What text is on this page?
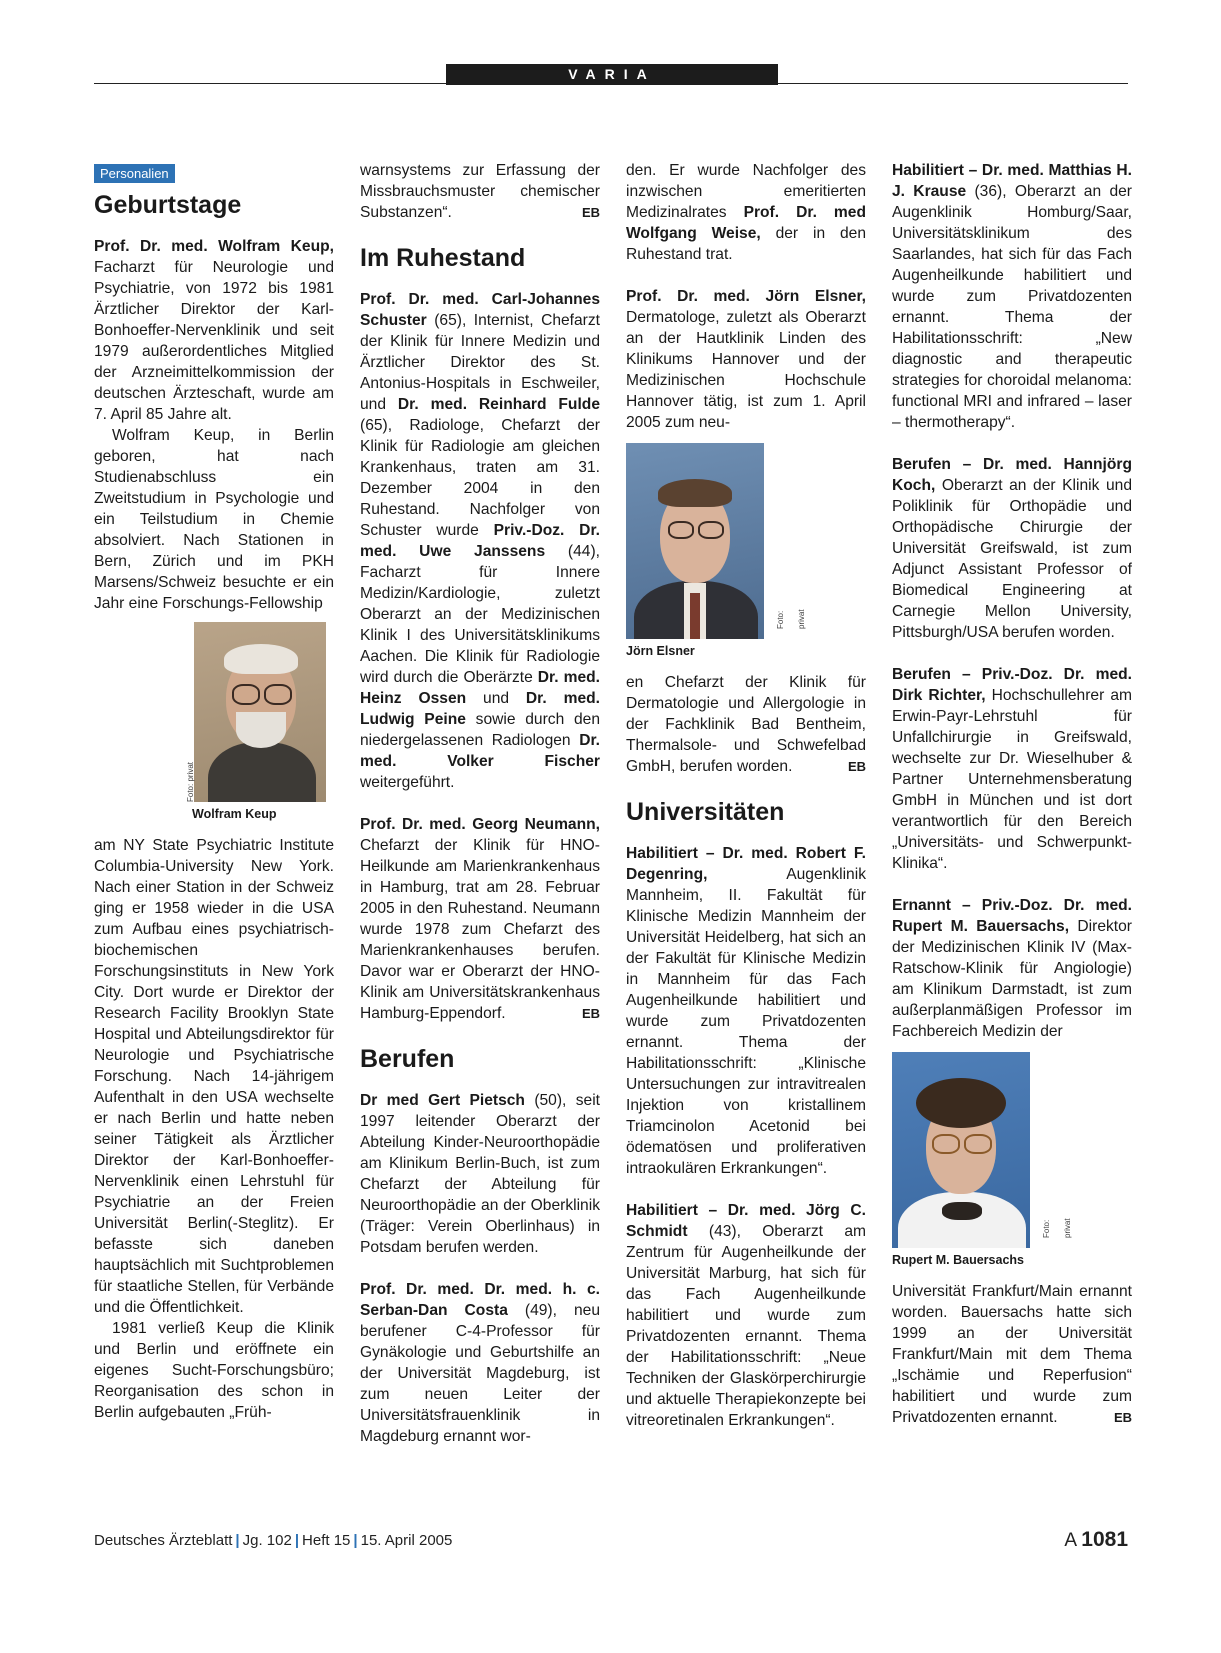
VARIA
Personalien
Geburtstage

Prof. Dr. med. Wolfram Keup, Facharzt für Neurologie und Psychiatrie, von 1972 bis 1981 Ärztlicher Direktor der Karl-Bonhoeffer-Nervenklinik und seit 1979 außerordentliches Mitglied der Arzneimittelkommission der deutschen Ärzteschaft, wurde am 7. April 85 Jahre alt.

Wolfram Keup, in Berlin geboren, hat nach Studienabschluss ein Zweitstudium in Psychologie und ein Teilstudium in Chemie absolviert. Nach Stationen in Bern, Zürich und im PKH Marsens/Schweiz besuchte er ein Jahr eine Forschungs-Fellowship

Foto: privat
Wolfram Keup

am NY State Psychiatric Institute Columbia-University New York. Nach einer Station in der Schweiz ging er 1958 wieder in die USA zum Aufbau eines psychiatrisch-biochemischen Forschungsinstituts in New York City. Dort wurde er Direktor der Research Facility Brooklyn State Hospital und Abteilungsdirektor für Neurologie und Psychiatrische Forschung. Nach 14-jährigem Aufenthalt in den USA wechselte er nach Berlin und hatte neben seiner Tätigkeit als Ärztlicher Direktor der Karl-Bonhoeffer-Nervenklinik einen Lehrstuhl für Psychiatrie an der Freien Universität Berlin(-Steglitz). Er befasste sich daneben hauptsächlich mit Suchtproblemen für staatliche Stellen, für Verbände und die Öffentlichkeit.

1981 verließ Keup die Klinik und Berlin und eröffnete ein eigenes Sucht-Forschungsbüro; Reorganisation des schon in Berlin aufgebauten „Früh-

warnsystems zur Erfassung der Missbrauchsmuster chemischer Substanzen“.	EB

Im Ruhestand

Prof. Dr. med. Carl-Johannes Schuster (65), Internist, Chefarzt der Klinik für Innere Medizin und Ärztlicher Direktor des St. Antonius-Hospitals in Eschweiler, und Dr. med. Reinhard Fulde (65), Radiologe, Chefarzt der Klinik für Radiologie am gleichen Krankenhaus, traten am 31. Dezember 2004 in den Ruhestand. Nachfolger von Schuster wurde Priv.-Doz. Dr. med. Uwe Janssens (44), Facharzt für Innere Medizin/Kardiologie, zuletzt Oberarzt an der Medizinischen Klinik I des Universitätsklinikums Aachen. Die Klinik für Radiologie wird durch die Oberärzte Dr. med. Heinz Ossen und Dr. med. Ludwig Peine sowie durch den niedergelassenen Radiologen Dr. med. Volker Fischer weitergeführt.

Prof. Dr. med. Georg Neumann, Chefarzt der Klinik für HNO-Heilkunde am Marienkrankenhaus in Hamburg, trat am 28. Februar 2005 in den Ruhestand. Neumann wurde 1978 zum Chefarzt des Marienkrankenhauses berufen. Davor war er Oberarzt der HNO-Klinik am Universitätskrankenhaus Hamburg-Eppendorf.	EB

Berufen

Dr med Gert Pietsch (50), seit 1997 leitender Oberarzt der Abteilung Kinder-Neuroorthopädie am Klinikum Berlin-Buch, ist zum Chefarzt der Abteilung für Neuroorthopädie an der Oberklinik (Träger: Verein Oberlinhaus) in Potsdam berufen werden.

Prof. Dr. med. Dr. med. h. c. Serban-Dan Costa (49), neu berufener C-4-Professor für Gynäkologie und Geburtshilfe an der Universität Magdeburg, ist zum neuen Leiter der Universitätsfrauenklinik in Magdeburg ernannt wor-

den. Er wurde Nachfolger des inzwischen emeritierten Medizinalrates Prof. Dr. med Wolfgang Weise, der in den Ruhestand trat.

Prof. Dr. med. Jörn Elsner, Dermatologe, zuletzt als Oberarzt an der Hautklinik Linden des Klinikums Hannover und der Medizinischen Hochschule Hannover tätig, ist zum 1. April 2005 zum neu-

Foto: privat
Jörn Elsner

en Chefarzt der Klinik für Dermatologie und Allergologie in der Fachklinik Bad Bentheim, Thermalsole- und Schwefelbad GmbH, berufen worden.	EB

Universitäten

Habilitiert – Dr. med. Robert F. Degenring, Augenklinik Mannheim, II. Fakultät für Klinische Medizin Mannheim der Universität Heidelberg, hat sich an der Fakultät für Klinische Medizin in Mannheim für das Fach Augenheilkunde habilitiert und wurde zum Privatdozenten ernannt. Thema der Habilitationsschrift: „Klinische Untersuchungen zur intravitrealen Injektion von kristallinem Triamcinolon Acetonid bei ödematösen und proliferativen intraokulären Erkrankungen“.

Habilitiert – Dr. med. Jörg C. Schmidt (43), Oberarzt am Zentrum für Augenheilkunde der Universität Marburg, hat sich für das Fach Augenheilkunde habilitiert und wurde zum Privatdozenten ernannt. Thema der Habilitationsschrift: „Neue Techniken der Glaskörperchirurgie und aktuelle Therapiekonzepte bei vitreoretinalen Erkrankungen“.

Habilitiert – Dr. med. Matthias H. J. Krause (36), Oberarzt an der Augenklinik Homburg/Saar, Universitätsklinikum des Saarlandes, hat sich für das Fach Augenheilkunde habilitiert und wurde zum Privatdozenten ernannt. Thema der Habilitationsschrift: „New diagnostic and therapeutic strategies for choroidal melanoma: functional MRI and infrared – laser – thermotherapy“.

Berufen – Dr. med. Hannjörg Koch, Oberarzt an der Klinik und Poliklinik für Orthopädie und Orthopädische Chirurgie der Universität Greifswald, ist zum Adjunct Assistant Professor of Biomedical Engineering at Carnegie Mellon University, Pittsburgh/USA berufen worden.

Berufen – Priv.-Doz. Dr. med. Dirk Richter, Hochschullehrer am Erwin-Payr-Lehrstuhl für Unfallchirurgie in Greifswald, wechselte zur Dr. Wieselhuber & Partner Unternehmensberatung GmbH in München und ist dort verantwortlich für den Bereich „Universitäts- und Schwerpunkt-Klinika“.

Ernannt – Priv.-Doz. Dr. med. Rupert M. Bauersachs, Direktor der Medizinischen Klinik IV (Max-Ratschow-Klinik für Angiologie) am Klinikum Darmstadt, ist zum außerplanmäßigen Professor im Fachbereich Medizin der

Foto: privat
Rupert M. Bauersachs

Universität Frankfurt/Main ernannt worden. Bauersachs hatte sich 1999 an der Universität Frankfurt/Main mit dem Thema „Ischämie und Reperfusion“ habilitiert und wurde zum Privatdozenten ernannt.	EB

Deutsches Ärzteblatt | Jg. 102 | Heft 15 | 15. April 2005	A 1081
